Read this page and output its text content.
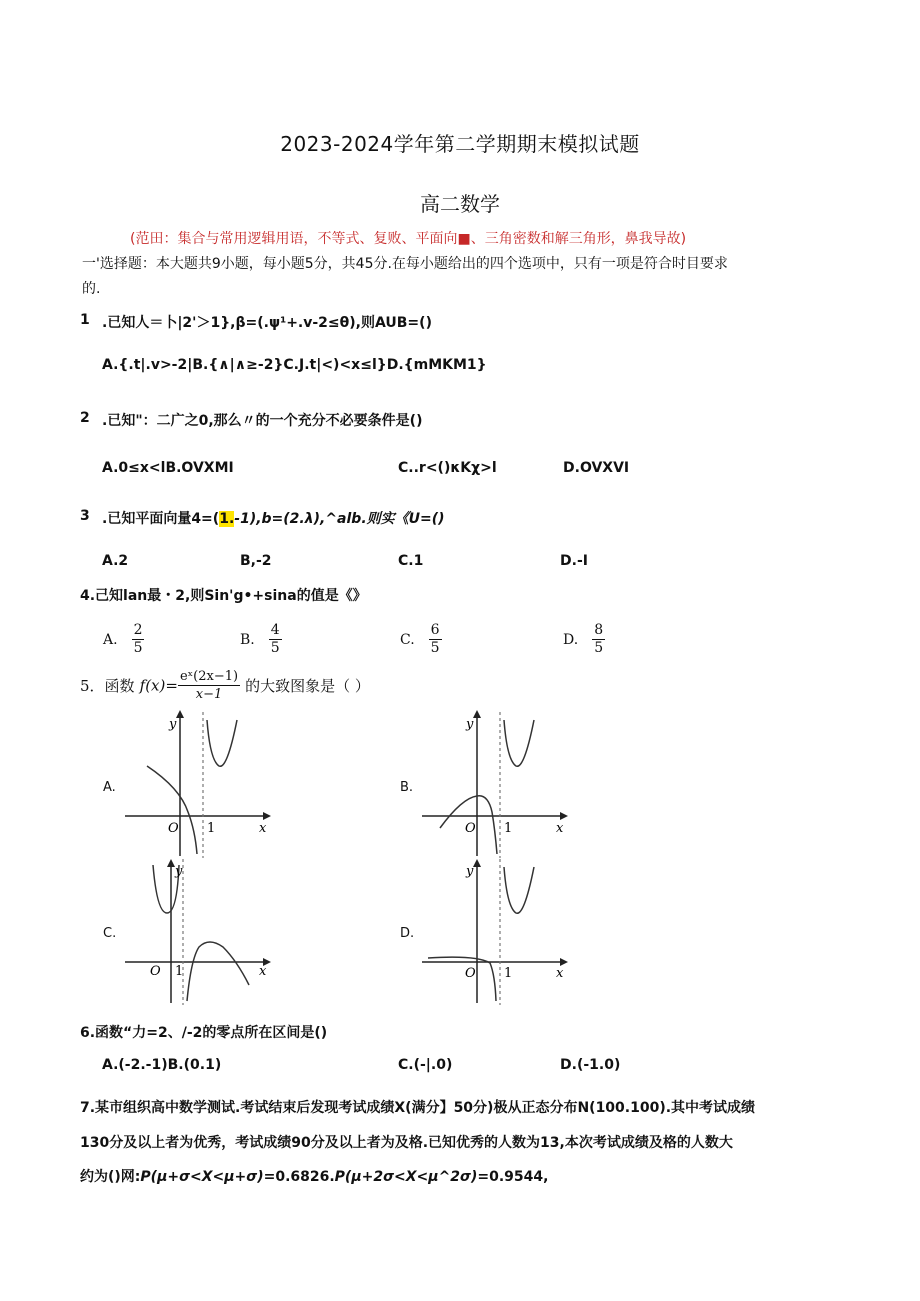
2023-2024学年第二学期期末模拟试题
高二数学
(范田：集合与常用逻辑用语，不等式、复败、平面向■、三角密数和解三角形，鼻我导故)
一'选择题：本大题共9小题，每小题5分，共45分.在每小题给出的四个选项中，只有一项是符合时目要求
的.
1 .已知人＝卜|2'＞1},β=(.ψ¹+.v-2≤θ),则AUB=()
A.{.t|.v>-2|B.{∧|∧≥-2}C.J.t|<)<x≤l}D.{mMKM1}
2 .已知"：二广之0,那么〃的一个充分不必要条件是()
A.0≤x<lB.OVXMI	C..r<()κKχ>l	D.OVXVI
3 .已知平面向量4=(1.-1),b=(2.λ),^alb.则实《U=()
A.2	B,-2	C.1	D.-I
4.己知lan最・2,则Sin'g•+sina的值是《》
A. $\frac{2}{5}$	B. $\frac{4}{5}$	C. $\frac{6}{5}$	D. $\frac{8}{5}$
5．函数 $f(x)= \frac{\text{eˣ(2x−1)}}{x-1}$ 的大致图象是（ ）
A.
y
O 1	x
B.
y
O 1	x
C.
y
O 1	x
D.
y
O 1	x
6.函数“力=2、/-2的零点所在区间是()
A.(-2.-1)B.(0.1)	C.(-|.0)	D.(-1.0)
7.某市组织高中数学测试.考试结束后发现考试成绩X(满分】50分)极从正态分布N(100.100).其中考试成绩
130分及以上者为优秀，考试成绩90分及以上者为及格.已知优秀的人数为13,本次考试成绩及格的人数大
约为()网:P(μ+σ<X<μ+σ)=0.6826.P(μ+2σ<X<μ^2σ)=0.9544,
